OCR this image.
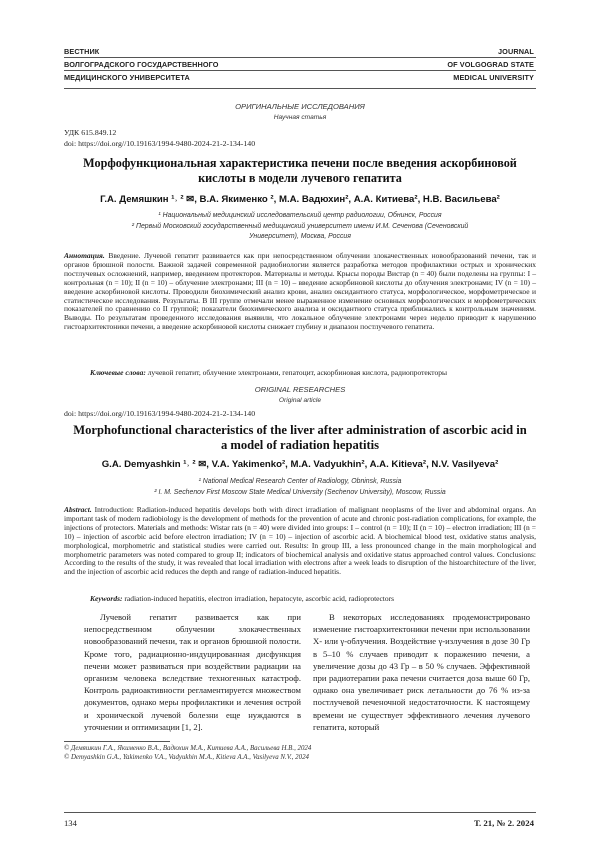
ВЕСТНИК
ВОЛГОГРАДСКОГО ГОСУДАРСТВЕННОГО
МЕДИЦИНСКОГО УНИВЕРСИТЕТА
JOURNAL
OF VOLGOGRAD STATE
MEDICAL UNIVERSITY
ОРИГИНАЛЬНЫЕ ИССЛЕДОВАНИЯ
Научная статья
УДК 615.849.12
doi: https://doi.org//10.19163/1994-9480-2024-21-2-134-140
Морфофункциональная характеристика печени после введения аскорбиновой кислоты в модели лучевого гепатита
Г.А. Демяшкин ¹˒ ² ✉, В.А. Якименко ², М.А. Вадюхин², А.А. Китиева², Н.В. Васильева²
¹ Национальный медицинский исследовательский центр радиологии, Обнинск, Россия
² Первый Московский государственный медицинский университет имени И.М. Сеченова (Сеченовский Университет), Москва, Россия
Аннотация. Введение. Лучевой гепатит развивается как при непосредственном облучении злокачественных новообразований печени, так и органов брюшной полости. Важной задачей современной радиобиологии является разработка методов профилактики острых и хронических постлучевых осложнений, например, введением протекторов. Материалы и методы. Крысы породы Вистар (n = 40) были поделены на группы: I – контрольная (n = 10); II (n = 10) – облучение электронами; III (n = 10) – введение аскорбиновой кислоты до облучения электронами; IV (n = 10) – введение аскорбиновой кислоты. Проводили биохимический анализ крови, анализ оксидантного статуса, морфологическое, морфометрическое и статистическое исследования. Результаты. В III группе отмечали менее выраженное изменение основных морфологических и морфометрических показателей по сравнению со II группой; показатели биохимического анализа и оксидантного статуса приближались к контрольным значениям. Выводы. По результатам проведенного исследования выявили, что локальное облучение электронами через неделю приводит к нарушению гистоархитектоники печени, а введение аскорбиновой кислоты снижает глубину и диапазон постлучевого гепатита.
Ключевые слова: лучевой гепатит, облучение электронами, гепатоцит, аскорбиновая кислота, радиопротекторы
ORIGINAL RESEARCHES
Original article
doi: https://doi.org//10.19163/1994-9480-2024-21-2-134-140
Morphofunctional characteristics of the liver after administration of ascorbic acid in a model of radiation hepatitis
G.A. Demyashkin ¹˒ ² ✉, V.A. Yakimenko², M.A. Vadyukhin², A.A. Kitieva², N.V. Vasilyeva²
¹ National Medical Research Center of Radiology, Obninsk, Russia
² I. M. Sechenov First Moscow State Medical University (Sechenov University), Moscow, Russia
Abstract. Introduction: Radiation-induced hepatitis develops both with direct irradiation of malignant neoplasms of the liver and abdominal organs. An important task of modern radiobiology is the development of methods for the prevention of acute and chronic post-radiation complications, for example, the injections of protectors. Materials and methods: Wistar rats (n = 40) were divided into groups: I – control (n = 10); II (n = 10) – electron irradiation; III (n = 10) – injection of ascorbic acid before electron irradiation; IV (n = 10) – injection of ascorbic acid. A biochemical blood test, oxidative status analysis, morphological, morphometric and statistical studies were carried out. Results: In group III, a less pronounced change in the main morphological and morphometric parameters was noted compared to group II; indicators of biochemical analysis and oxidative status approached control values. Conclusions: According to the results of the study, it was revealed that local irradiation with electrons after a week leads to disruption of the histoarchitecture of the liver, and the injection of ascorbic acid reduces the depth and range of radiation-induced hepatitis.
Keywords: radiation-induced hepatitis, electron irradiation, hepatocyte, ascorbic acid, radioprotectors
Лучевой гепатит развивается как при непосредственном облучении злокачественных новообразований печени, так и органов брюшной полости. Кроме того, радиационно-индуцированная дисфункция печени может развиваться при воздействии радиации на организм человека вследствие техногенных катастроф. Контроль радиоактивности регламентируется множеством документов, однако меры профилактики и лечения острой и хронической лучевой болезни еще нуждаются в уточнении и оптимизации [1, 2].
В некоторых исследованиях продемонстрировано изменение гистоархитектоники печени при использовании X- или γ-облучения. Воздействие γ-излучения в дозе 30 Гр в 5–10 % случаев приводит к поражению печени, а увеличение дозы до 43 Гр – в 50 % случаев. Эффективной при радиотерапии рака печени считается доза выше 60 Гр, однако она увеличивает риск летальности до 76 % из-за постлучевой печеночной недостаточности. К настоящему времени не существует эффективного лечения лучевого гепатита, который
© Демяшкин Г.А., Якименко В.А., Вадюхин М.А., Китиева А.А., Васильева Н.В., 2024
© Demyashkin G.A., Yakimenko V.A., Vadyukhin M.A., Kitieva A.A., Vasilyeva N.V., 2024
134	Т. 21, № 2. 2024
